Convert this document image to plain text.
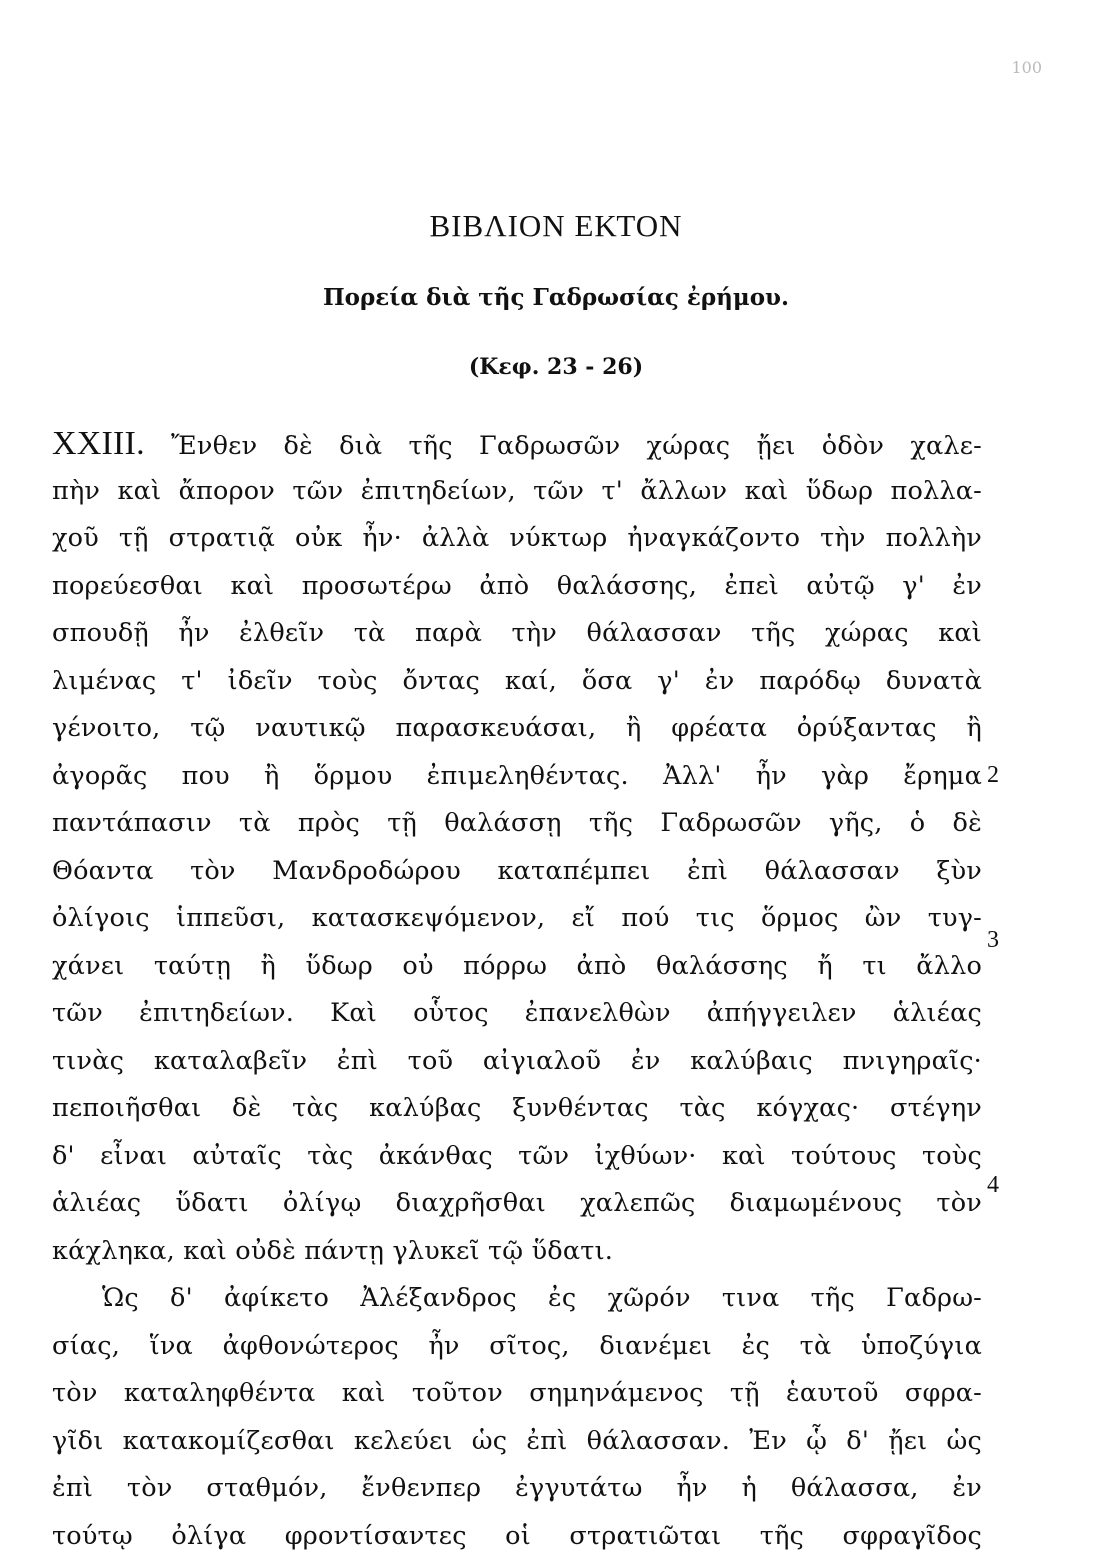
100
ΒΙΒΛΙΟΝ ΕΚΤΟΝ
Πορεία διὰ τῆς Γαδρωσίας ἐρήμου.
(Κεφ. 23 - 26)
XXIII. Ἔνθεν δὲ διὰ τῆς Γαδρωσῶν χώρας ᾔει ὁδὸν χαλε-
πὴν καὶ ἄπορον τῶν ἐπιτηδείων, τῶν τ' ἄλλων καὶ ὕδωρ πολλα-
χοῦ τῇ στρατιᾷ οὐκ ἦν· ἀλλὰ νύκτωρ ἠναγκάζοντο τὴν πολλὴν
πορεύεσθαι καὶ προσωτέρω ἀπὸ θαλάσσης, ἐπεὶ αὐτῷ γ' ἐν
σπουδῇ ἦν ἐλθεῖν τὰ παρὰ τὴν θάλασσαν τῆς χώρας καὶ
λιμένας τ' ἰδεῖν τοὺς ὄντας καί, ὅσα γ' ἐν παρόδῳ δυνατὰ
γένοιτο, τῷ ναυτικῷ παρασκευάσαι, ἢ φρέατα ὀρύξαντας ἢ
ἀγορᾶς που ἢ ὅρμου ἐπιμεληθέντας. Ἀλλ' ἦν γὰρ ἔρημα
παντάπασιν τὰ πρὸς τῇ θαλάσσῃ τῆς Γαδρωσῶν γῆς, ὁ δὲ
Θόαντα τὸν Μανδροδώρου καταπέμπει ἐπὶ θάλασσαν ξὺν
ὀλίγοις ἱππεῦσι, κατασκεψόμενον, εἴ πού τις ὅρμος ὢν τυγ-
χάνει ταύτῃ ἢ ὕδωρ οὐ πόρρω ἀπὸ θαλάσσης ἤ τι ἄλλο
τῶν ἐπιτηδείων. Καὶ οὗτος ἐπανελθὼν ἀπήγγειλεν ἁλιέας
τινὰς καταλαβεῖν ἐπὶ τοῦ αἰγιαλοῦ ἐν καλύβαις πνιγηραῖς·
πεποιῆσθαι δὲ τὰς καλύβας ξυνθέντας τὰς κόγχας· στέγην
δ' εἶναι αὐταῖς τὰς ἀκάνθας τῶν ἰχθύων· καὶ τούτους τοὺς
ἁλιέας ὕδατι ὀλίγῳ διαχρῆσθαι χαλεπῶς διαμωμένους τὸν
κάχληκα, καὶ οὐδὲ πάντῃ γλυκεῖ τῷ ὕδατι.
Ὡς δ' ἀφίκετο Ἀλέξανδρος ἐς χῶρόν τινα τῆς Γαδρω-
σίας, ἵνα ἀφθονώτερος ἦν σῖτος, διανέμει ἐς τὰ ὑποζύγια
τὸν καταληφθέντα καὶ τοῦτον σημηνάμενος τῇ ἑαυτοῦ σφρα-
γῖδι κατακομίζεσθαι κελεύει ὡς ἐπὶ θάλασσαν. Ἐν ᾧ δ' ᾔει ὡς
ἐπὶ τὸν σταθμόν, ἔνθενπερ ἐγγυτάτω ἦν ἡ θάλασσα, ἐν
τούτῳ ὀλίγα φροντίσαντες οἱ στρατιῶται τῆς σφραγῖδος
2
3
4
